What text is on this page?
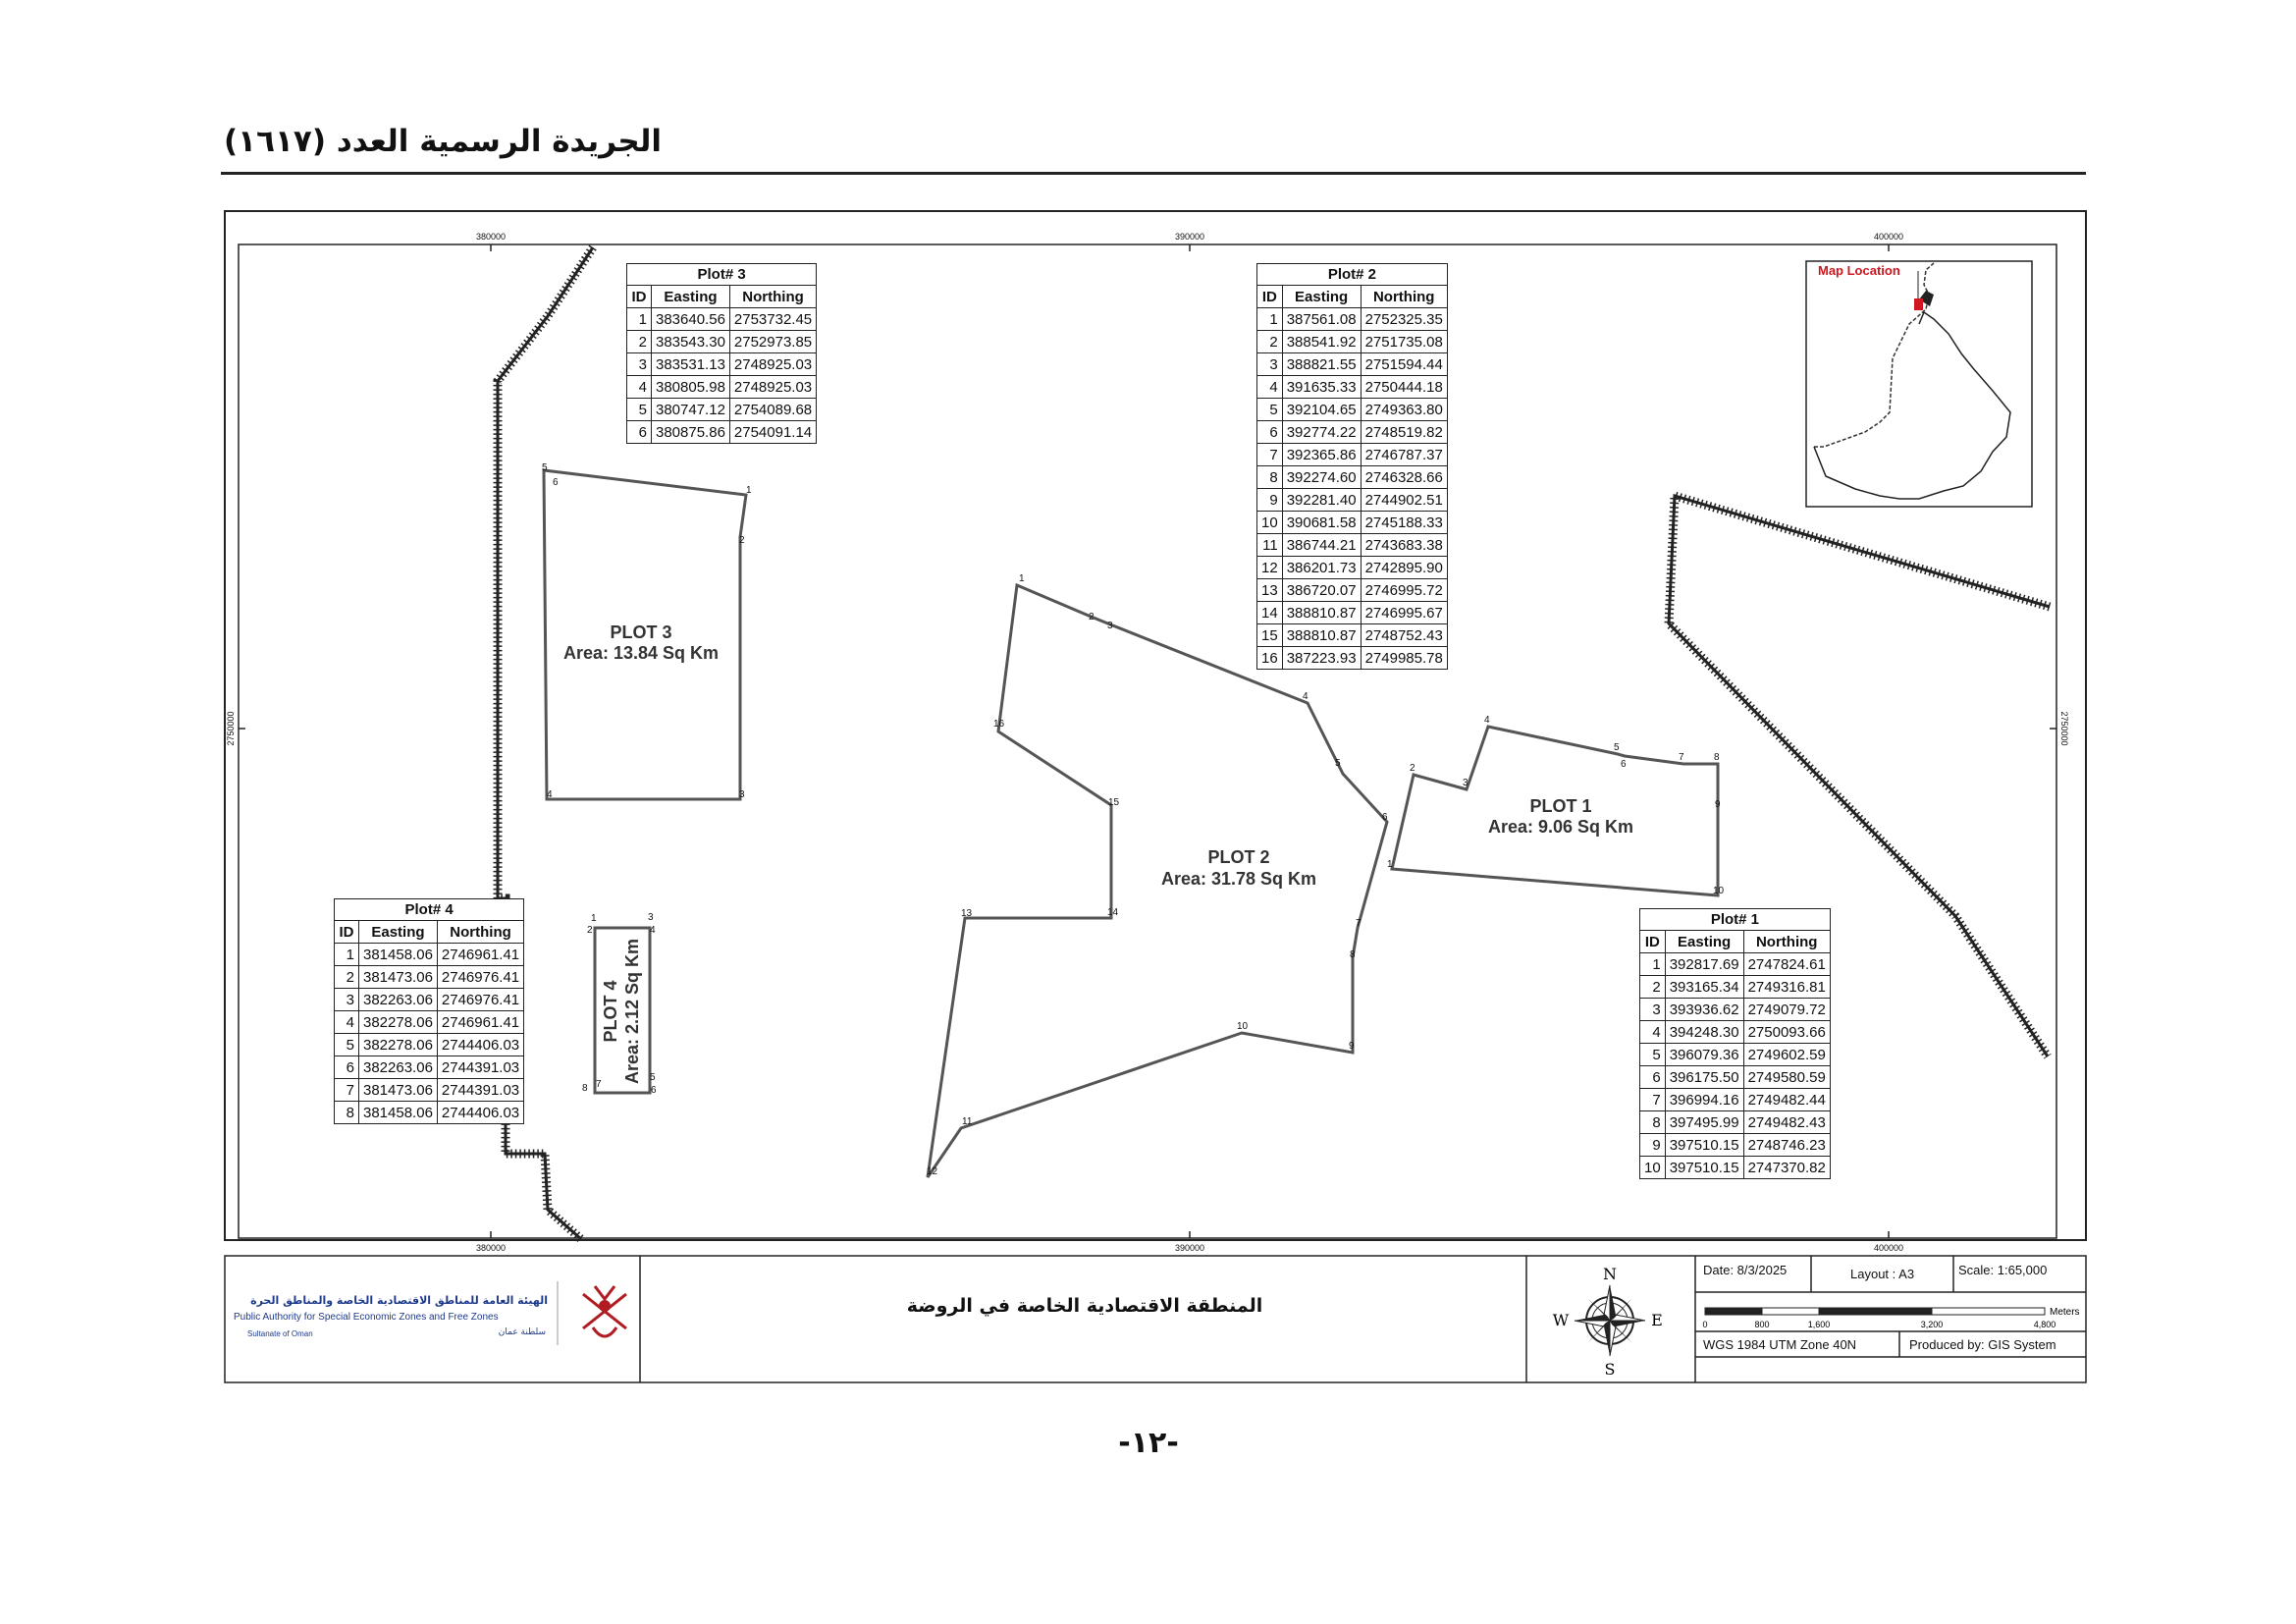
الجريدة الرسمية العدد (١٦١٧)
380000	390000	400000
380000	390000	400000
2750000	2750000
5
6
1
2
3
4
1
2
3
4
5
6
7
8
9
10
11
12
13	14
15
16
1
2
3
4
5
6
7	8
9
10
1
2
3
4
5
6
7
8
PLOT 3
Area: 13.84 Sq Km
PLOT 2
Area: 31.78 Sq Km
PLOT 1
Area: 9.06 Sq Km
PLOT 4 Area: 2.12 Sq Km
Map Location
N
S
E
W	Meters
0	800	1,600	3,200	4,800
الهيئة العامة للمناطق الاقتصادية الخاصة والمناطق الحرة
Public Authority for Special Economic Zones and Free Zones
Sultanate of Oman	سلطنة عمان
المنطقة الاقتصادية الخاصة في الروضة
Date: 8/3/2025	Layout : A3	Scale: 1:65,000
WGS 1984 UTM Zone 40N	Produced by: GIS System
Plot# 3
ID	Easting	Northing
1	383640.56	2753732.45
2	383543.30	2752973.85
3	383531.13	2748925.03
4	380805.98	2748925.03
5	380747.12	2754089.68
6	380875.86	2754091.14
Plot# 2
ID	Easting	Northing
1	387561.08	2752325.35
2	388541.92	2751735.08
3	388821.55	2751594.44
4	391635.33	2750444.18
5	392104.65	2749363.80
6	392774.22	2748519.82
7	392365.86	2746787.37
8	392274.60	2746328.66
9	392281.40	2744902.51
10	390681.58	2745188.33
11	386744.21	2743683.38
12	386201.73	2742895.90
13	386720.07	2746995.72
14	388810.87	2746995.67
15	388810.87	2748752.43
16	387223.93	2749985.78
Plot# 4
ID	Easting	Northing
1	381458.06	2746961.41
2	381473.06	2746976.41
3	382263.06	2746976.41
4	382278.06	2746961.41
5	382278.06	2744406.03
6	382263.06	2744391.03
7	381473.06	2744391.03
8	381458.06	2744406.03
Plot# 1
ID	Easting	Northing
1	392817.69	2747824.61
2	393165.34	2749316.81
3	393936.62	2749079.72
4	394248.30	2750093.66
5	396079.36	2749602.59
6	396175.50	2749580.59
7	396994.16	2749482.44
8	397495.99	2749482.43
9	397510.15	2748746.23
10	397510.15	2747370.82
-١٢-
